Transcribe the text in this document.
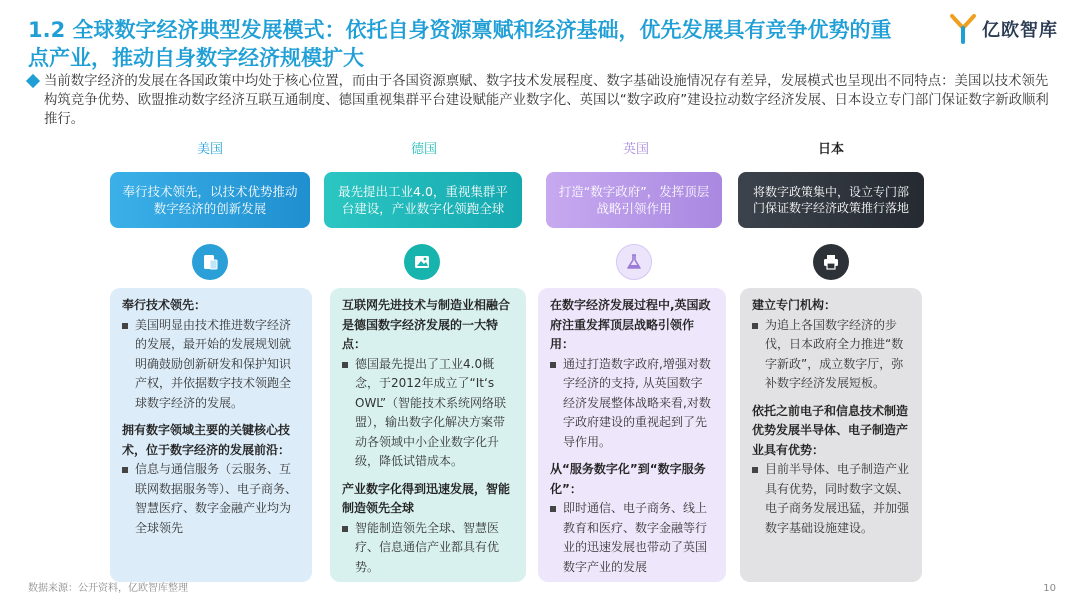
1.2 全球数字经济典型发展模式：依托自身资源禀赋和经济基础，优先发展具有竞争优势的重点产业，推动自身数字经济规模扩大
亿欧智库

当前数字经济的发展在各国政策中均处于核心位置，而由于各国资源禀赋、数字技术发展程度、数字基础设施情况存有差异，发展模式也呈现出不同特点：美国以技术领先构筑竞争优势、欧盟推动数字经济互联互通制度、德国重视集群平台建设赋能产业数字化、英国以“数字政府”建设拉动数字经济发展、日本设立专门部门保证数字新政顺利推行。

美国
奉行技术领先，以技术优势推动数字经济的创新发展
奉行技术领先：
美国明显由技术推进数字经济的发展，最开始的发展规划就明确鼓励创新研发和保护知识产权，并依据数字技术领跑全球数字经济的发展。
拥有数字领域主要的关键核心技术，位于数字经济的发展前沿：
信息与通信服务（云服务、互联网数据服务等）、电子商务、智慧医疗、数字金融产业均为全球领先
德国
最先提出工业4.0，重视集群平台建设，产业数字化领跑全球
互联网先进技术与制造业相融合是德国数字经济发展的一大特点：
德国最先提出了工业4.0概念，于2012年成立了“It‘s OWL”（智能技术系统网络联盟），输出数字化解决方案带动各领域中小企业数字化升级，降低试错成本。
产业数字化得到迅速发展，智能制造领先全球
智能制造领先全球、智慧医疗、信息通信产业都具有优势。
英国
打造“数字政府”，发挥顶层战略引领作用
在数字经济发展过程中,英国政府注重发挥顶层战略引领作用：
通过打造数字政府,增强对数字经济的支持, 从英国数字经济发展整体战略来看,对数字政府建设的重视起到了先导作用。
从“服务数字化”到“数字服务化”：
即时通信、电子商务、线上教育和医疗、数字金融等行业的迅速发展也带动了英国数字产业的发展
日本
将数字政策集中，设立专门部门保证数字经济政策推行落地
建立专门机构：
为追上各国数字经济的步伐，日本政府全力推进“数字新政”，成立数字厅，弥补数字经济发展短板。
依托之前电子和信息技术制造优势发展半导体、电子制造产业具有优势：
目前半导体、电子制造产业具有优势，同时数字文娱、电子商务发展迅猛，并加强数字基础设施建设。
数据来源：公开资料，亿欧智库整理	10
